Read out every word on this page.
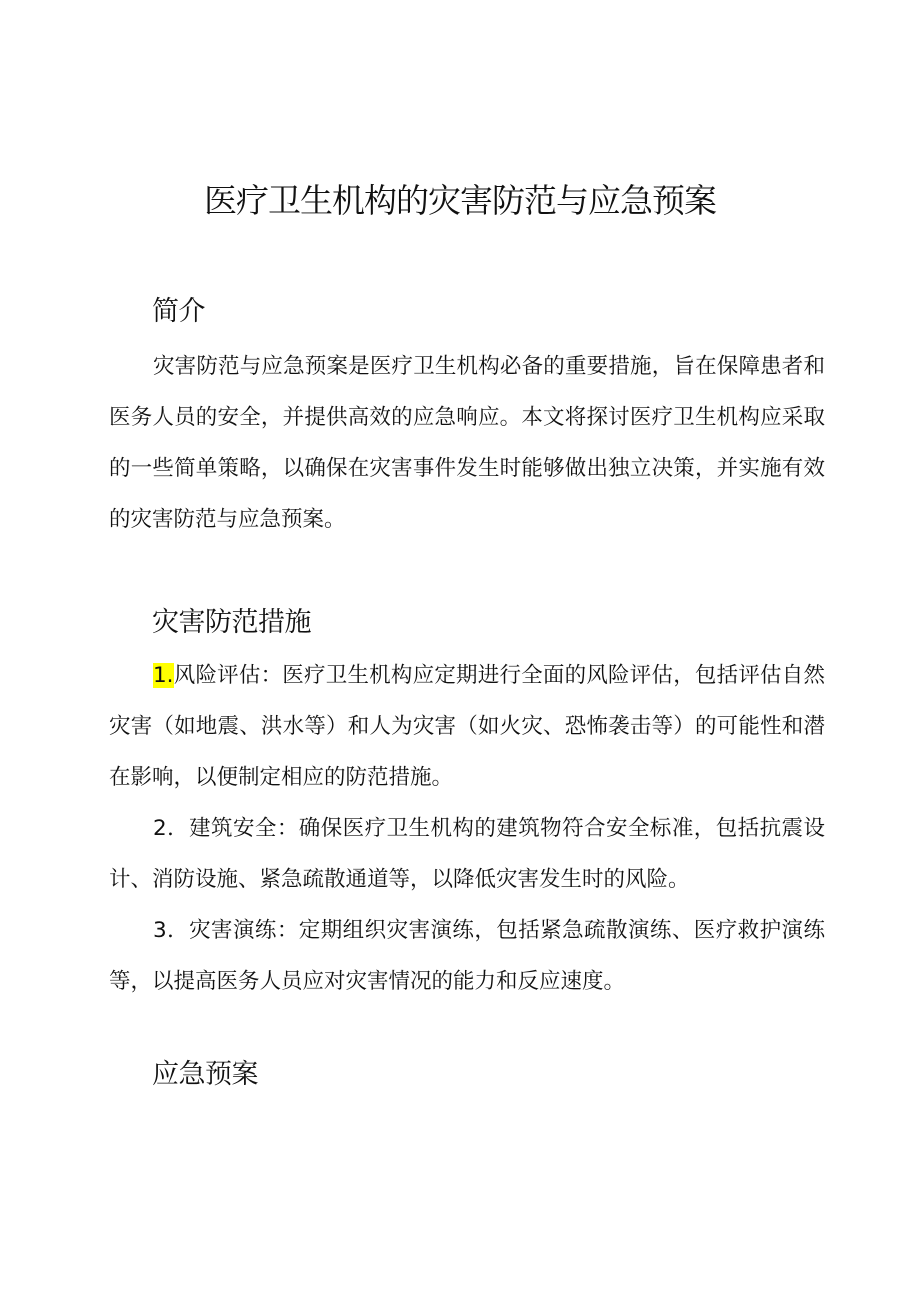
医疗卫生机构的灾害防范与应急预案
简介

灾害防范与应急预案是医疗卫生机构必备的重要措施，旨在保障患者和医务人员的安全，并提供高效的应急响应。本文将探讨医疗卫生机构应采取的一些简单策略，以确保在灾害事件发生时能够做出独立决策，并实施有效的灾害防范与应急预案。

灾害防范措施

1.风险评估：医疗卫生机构应定期进行全面的风险评估，包括评估自然灾害（如地震、洪水等）和人为灾害（如火灾、恐怖袭击等）的可能性和潜在影响，以便制定相应的防范措施。

2．建筑安全：确保医疗卫生机构的建筑物符合安全标准，包括抗震设计、消防设施、紧急疏散通道等，以降低灾害发生时的风险。

3．灾害演练：定期组织灾害演练，包括紧急疏散演练、医疗救护演练等，以提高医务人员应对灾害情况的能力和反应速度。

应急预案
